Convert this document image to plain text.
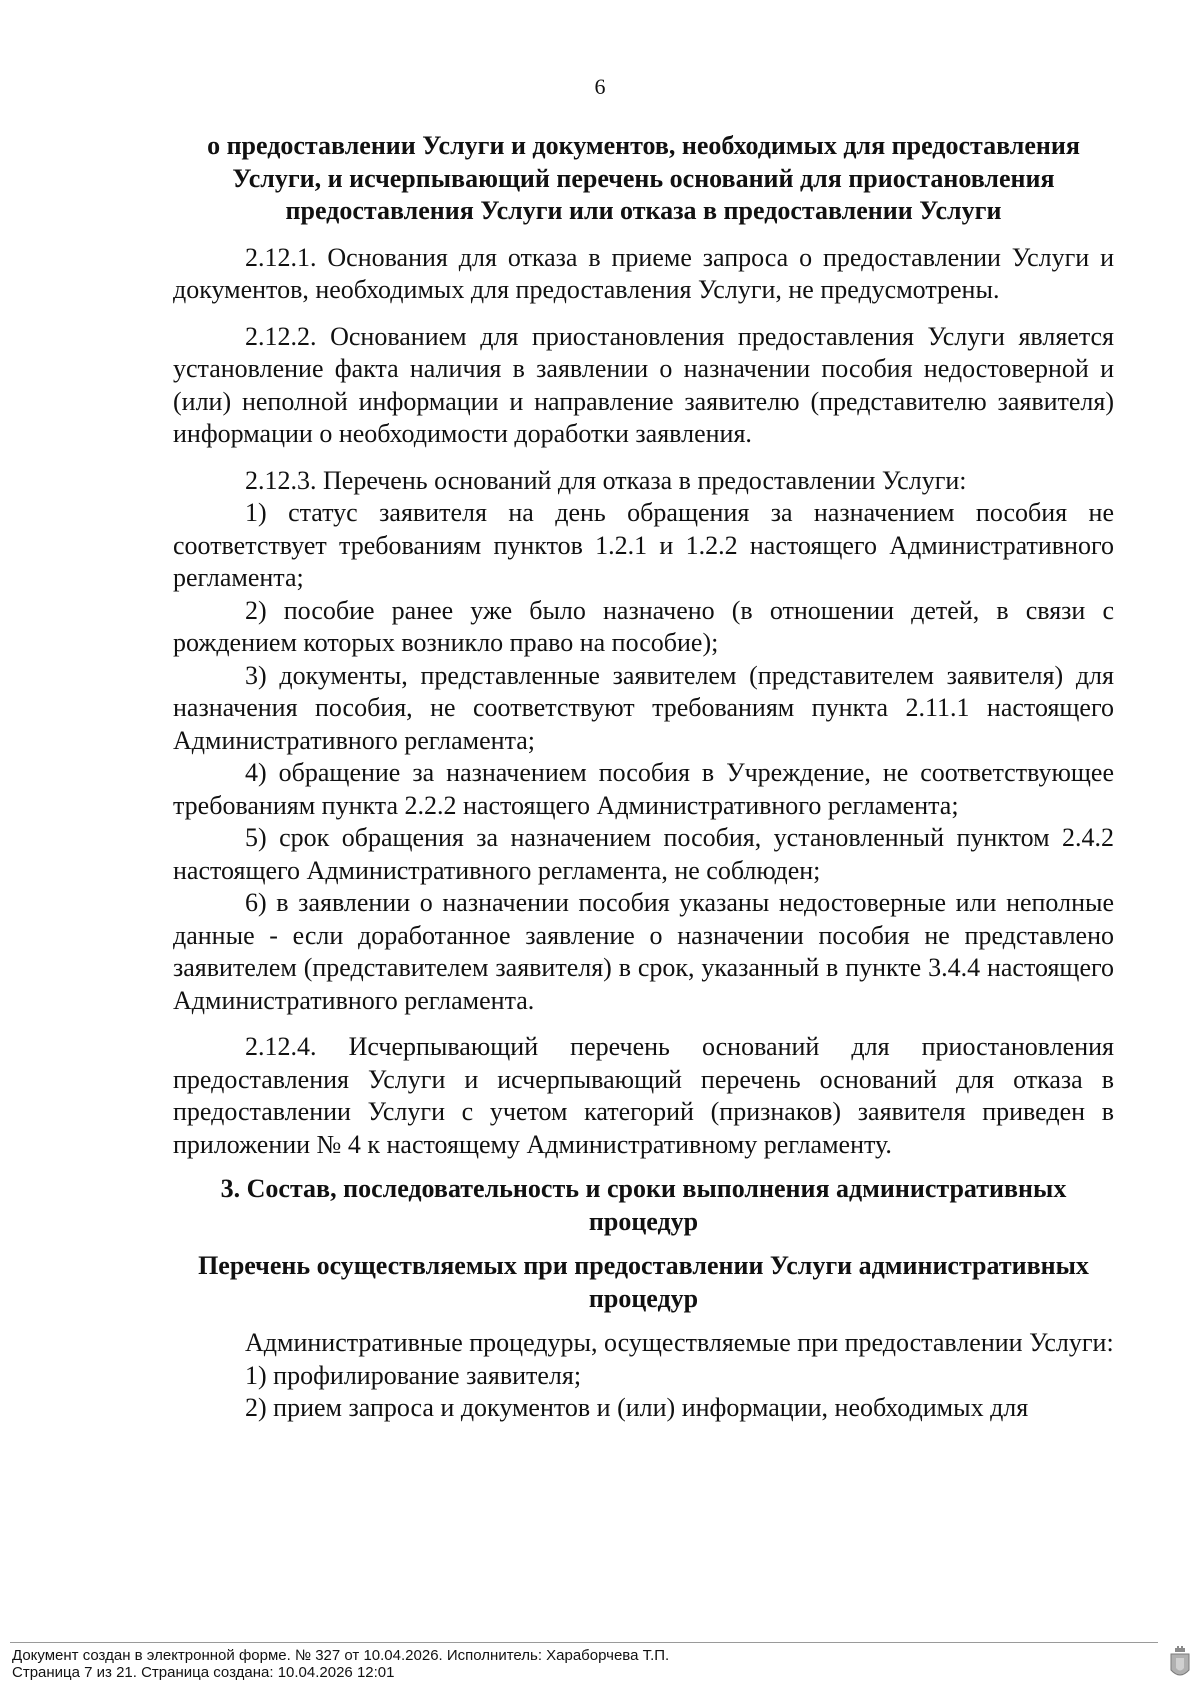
6

о предоставлении Услуги и документов, необходимых для предоставления Услуги, и исчерпывающий перечень оснований для приостановления предоставления Услуги или отказа в предоставлении Услуги

2.12.1. Основания для отказа в приеме запроса о предоставлении Услуги и документов, необходимых для предоставления Услуги, не предусмотрены.

2.12.2. Основанием для приостановления предоставления Услуги является установление факта наличия в заявлении о назначении пособия недостоверной и (или) неполной информации и направление заявителю (представителю заявителя) информации о необходимости доработки заявления.

2.12.3. Перечень оснований для отказа в предоставлении Услуги:

1) статус заявителя на день обращения за назначением пособия не соответствует требованиям пунктов 1.2.1 и 1.2.2 настоящего Административного регламента;

2) пособие ранее уже было назначено (в отношении детей, в связи с рождением которых возникло право на пособие);

3) документы, представленные заявителем (представителем заявителя) для назначения пособия, не соответствуют требованиям пункта 2.11.1 настоящего Административного регламента;

4) обращение за назначением пособия в Учреждение, не соответствующее требованиям пункта 2.2.2 настоящего Административного регламента;

5) срок обращения за назначением пособия, установленный пунктом 2.4.2 настоящего Административного регламента, не соблюден;

6) в заявлении о назначении пособия указаны недостоверные или неполные данные - если доработанное заявление о назначении пособия не представлено заявителем (представителем заявителя) в срок, указанный в пункте 3.4.4 настоящего Административного регламента.

2.12.4. Исчерпывающий перечень оснований для приостановления предоставления Услуги и исчерпывающий перечень оснований для отказа в предоставлении Услуги с учетом категорий (признаков) заявителя приведен в приложении № 4 к настоящему Административному регламенту.

3. Состав, последовательность и сроки выполнения административных процедур

Перечень осуществляемых при предоставлении Услуги административных процедур

Административные процедуры, осуществляемые при предоставлении Услуги:

1) профилирование заявителя;

2) прием запроса и документов и (или) информации, необходимых для

Документ создан в электронной форме. № 327 от 10.04.2026. Исполнитель: Хараборчева Т.П.
Страница 7 из 21. Страница создана: 10.04.2026 12:01
